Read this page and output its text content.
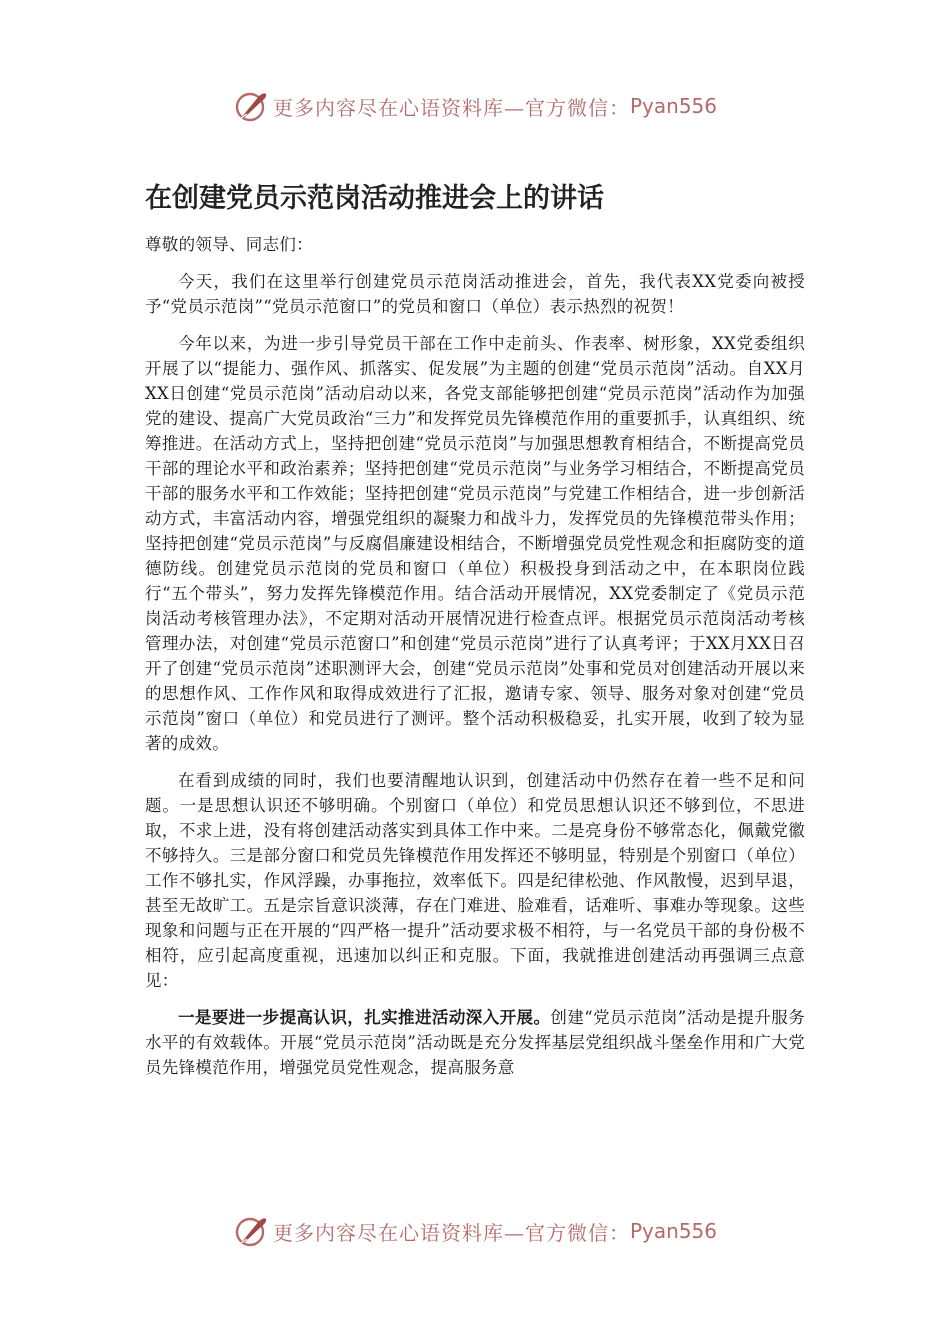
更多内容尽在心语资料库—官方微信： Pyan556
在创建党员示范岗活动推进会上的讲话

尊敬的领导、同志们：

今天，我们在这里举行创建党员示范岗活动推进会，首先，我代表XX党委向被授予“党员示范岗”“党员示范窗口”的党员和窗口（单位）表示热烈的祝贺！

今年以来，为进一步引导党员干部在工作中走前头、作表率、树形象，XX党委组织开展了以“提能力、强作风、抓落实、促发展”为主题的创建“党员示范岗”活动。自XX月XX日创建“党员示范岗”活动启动以来，各党支部能够把创建“党员示范岗”活动作为加强党的建设、提高广大党员政治“三力”和发挥党员先锋模范作用的重要抓手，认真组织、统筹推进。在活动方式上，坚持把创建“党员示范岗”与加强思想教育相结合，不断提高党员干部的理论水平和政治素养；坚持把创建“党员示范岗”与业务学习相结合，不断提高党员干部的服务水平和工作效能；坚持把创建“党员示范岗”与党建工作相结合，进一步创新活动方式，丰富活动内容，增强党组织的凝聚力和战斗力，发挥党员的先锋模范带头作用；坚持把创建“党员示范岗”与反腐倡廉建设相结合，不断增强党员党性观念和拒腐防变的道德防线。创建党员示范岗的党员和窗口（单位）积极投身到活动之中，在本职岗位践行“五个带头”，努力发挥先锋模范作用。结合活动开展情况，XX党委制定了《党员示范岗活动考核管理办法》，不定期对活动开展情况进行检查点评。根据党员示范岗活动考核管理办法，对创建“党员示范窗口”和创建“党员示范岗”进行了认真考评；于XX月XX日召开了创建“党员示范岗”述职测评大会，创建“党员示范岗”处事和党员对创建活动开展以来的思想作风、工作作风和取得成效进行了汇报，邀请专家、领导、服务对象对创建“党员示范岗”窗口（单位）和党员进行了测评。整个活动积极稳妥，扎实开展，收到了较为显著的成效。

在看到成绩的同时，我们也要清醒地认识到，创建活动中仍然存在着一些不足和问题。一是思想认识还不够明确。个别窗口（单位）和党员思想认识还不够到位，不思进取，不求上进，没有将创建活动落实到具体工作中来。二是亮身份不够常态化，佩戴党徽不够持久。三是部分窗口和党员先锋模范作用发挥还不够明显，特别是个别窗口（单位）工作不够扎实，作风浮躁，办事拖拉，效率低下。四是纪律松弛、作风散慢，迟到早退，甚至无故旷工。五是宗旨意识淡薄，存在门难进、脸难看，话难听、事难办等现象。这些现象和问题与正在开展的“四严格一提升”活动要求极不相符，与一名党员干部的身份极不相符，应引起高度重视，迅速加以纠正和克服。下面，我就推进创建活动再强调三点意见：

一是要进一步提高认识，扎实推进活动深入开展。创建“党员示范岗”活动是提升服务水平的有效载体。开展“党员示范岗”活动既是充分发挥基层党组织战斗堡垒作用和广大党员先锋模范作用，增强党员党性观念，提高服务意

更多内容尽在心语资料库—官方微信： Pyan556
